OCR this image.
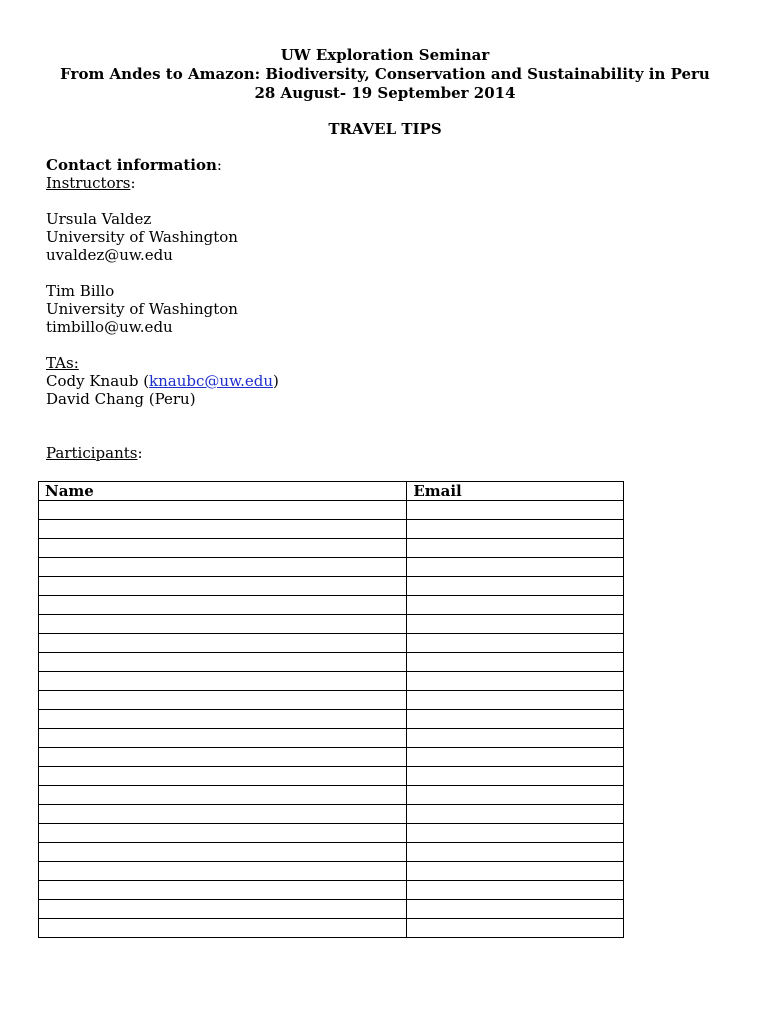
UW Exploration Seminar
From Andes to Amazon: Biodiversity, Conservation and Sustainability in Peru
28 August- 19 September 2014
TRAVEL TIPS
Contact information:
Instructors:
Ursula Valdez
University of Washington
uvaldez@uw.edu
Tim Billo
University of Washington
timbillo@uw.edu
TAs:
Cody Knaub (knaubc@uw.edu)
David Chang (Peru)
Participants:
Name	Email
